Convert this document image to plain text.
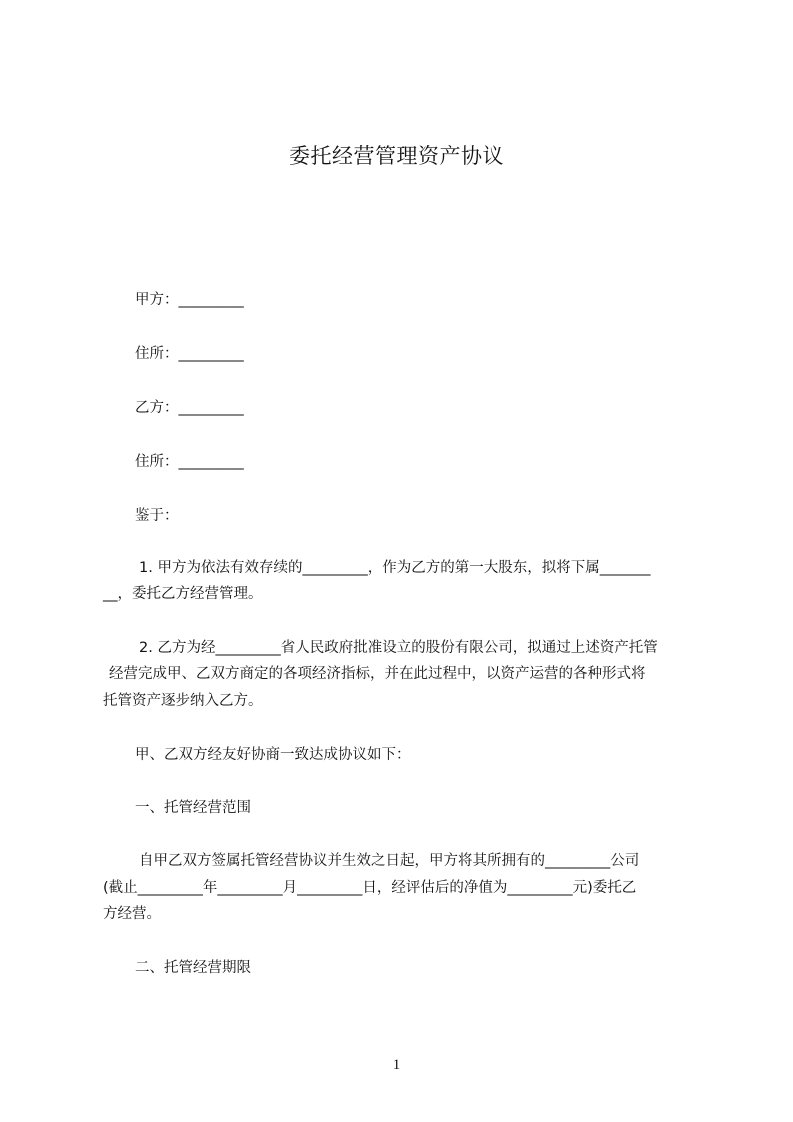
委托经营管理资产协议
甲方：_________
住所：_________
乙方：_________
住所：_________
鉴于：
1. 甲方为依法有效存续的_________，作为乙方的第一大股东，拟将下属_______
__，委托乙方经营管理。
2. 乙方为经_________省人民政府批准设立的股份有限公司，拟通过上述资产托管
经营完成甲、乙双方商定的各项经济指标，并在此过程中，以资产运营的各种形式将
托管资产逐步纳入乙方。
甲、乙双方经友好协商一致达成协议如下：
一、托管经营范围
自甲乙双方签属托管经营协议并生效之日起，甲方将其所拥有的_________公司
(截止_________年_________月_________日，经评估后的净值为_________元)委托乙
方经营。
二、托管经营期限
1
